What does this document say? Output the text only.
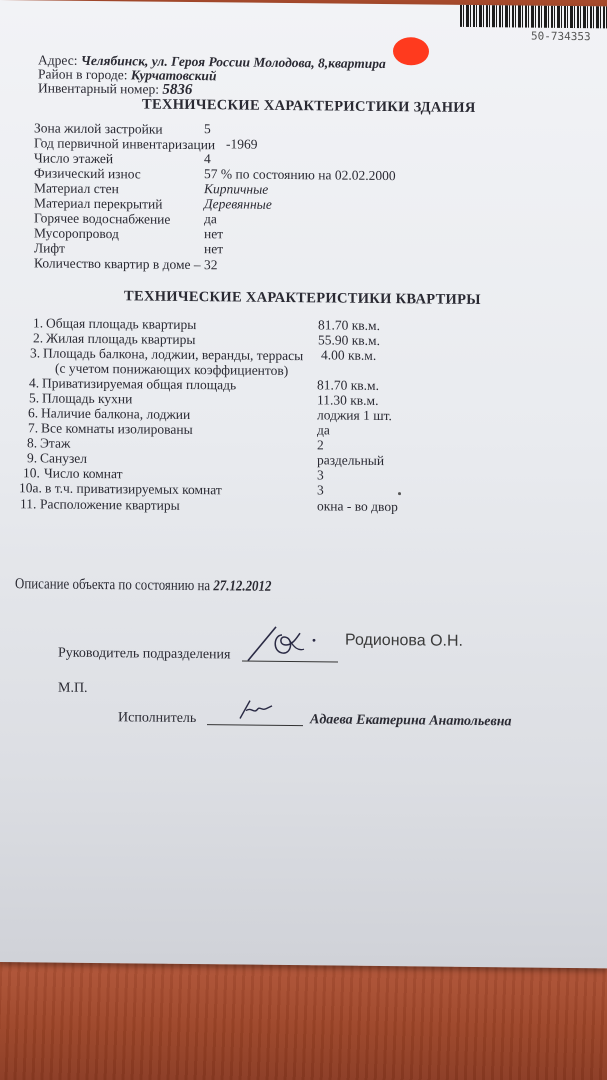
50-734353
Адрес: Челябинск, ул. Героя России Молодова, 8,квартира
Район в городе: Курчатовский
Инвентарный номер: 5836
ТЕХНИЧЕСКИЕ ХАРАКТЕРИСТИКИ ЗДАНИЯ
Зона жилой застройки	5
Год первичной инвентаризации -1969
Число этажей	4
Физический износ	57 % по состоянию на 02.02.2000
Материал стен	Кирпичные
Материал перекрытий	Деревянные
Горячее водоснабжение да
Мусоропровод	нет
Лифт	нет
Количество квартир в доме – 32
ТЕХНИЧЕСКИЕ ХАРАКТЕРИСТИКИ КВАРТИРЫ
1. Общая площадь квартиры	81.70 кв.м.
2. Жилая площадь квартиры	55.90 кв.м.
3. Площадь балкона, лоджии, веранды, террасы 4.00 кв.м.
(с учетом понижающих коэффициентов)
4. Приватизируемая общая площадь	81.70 кв.м.
5. Площадь кухни	11.30 кв.м.
6. Наличие балкона, лоджии	лоджия 1 шт.
7. Все комнаты изолированы	да
8. Этаж	2
9. Санузел	раздельный
10. Число комнат	3
10а. в т.ч. приватизируемых комнат	3
11. Расположение квартиры	окна - во двор
Описание объекта по состоянию на 27.12.2012
Руководитель подразделения
Родионова О.Н.
М.П.
Исполнитель	Адаева Екатерина Анатольевна
